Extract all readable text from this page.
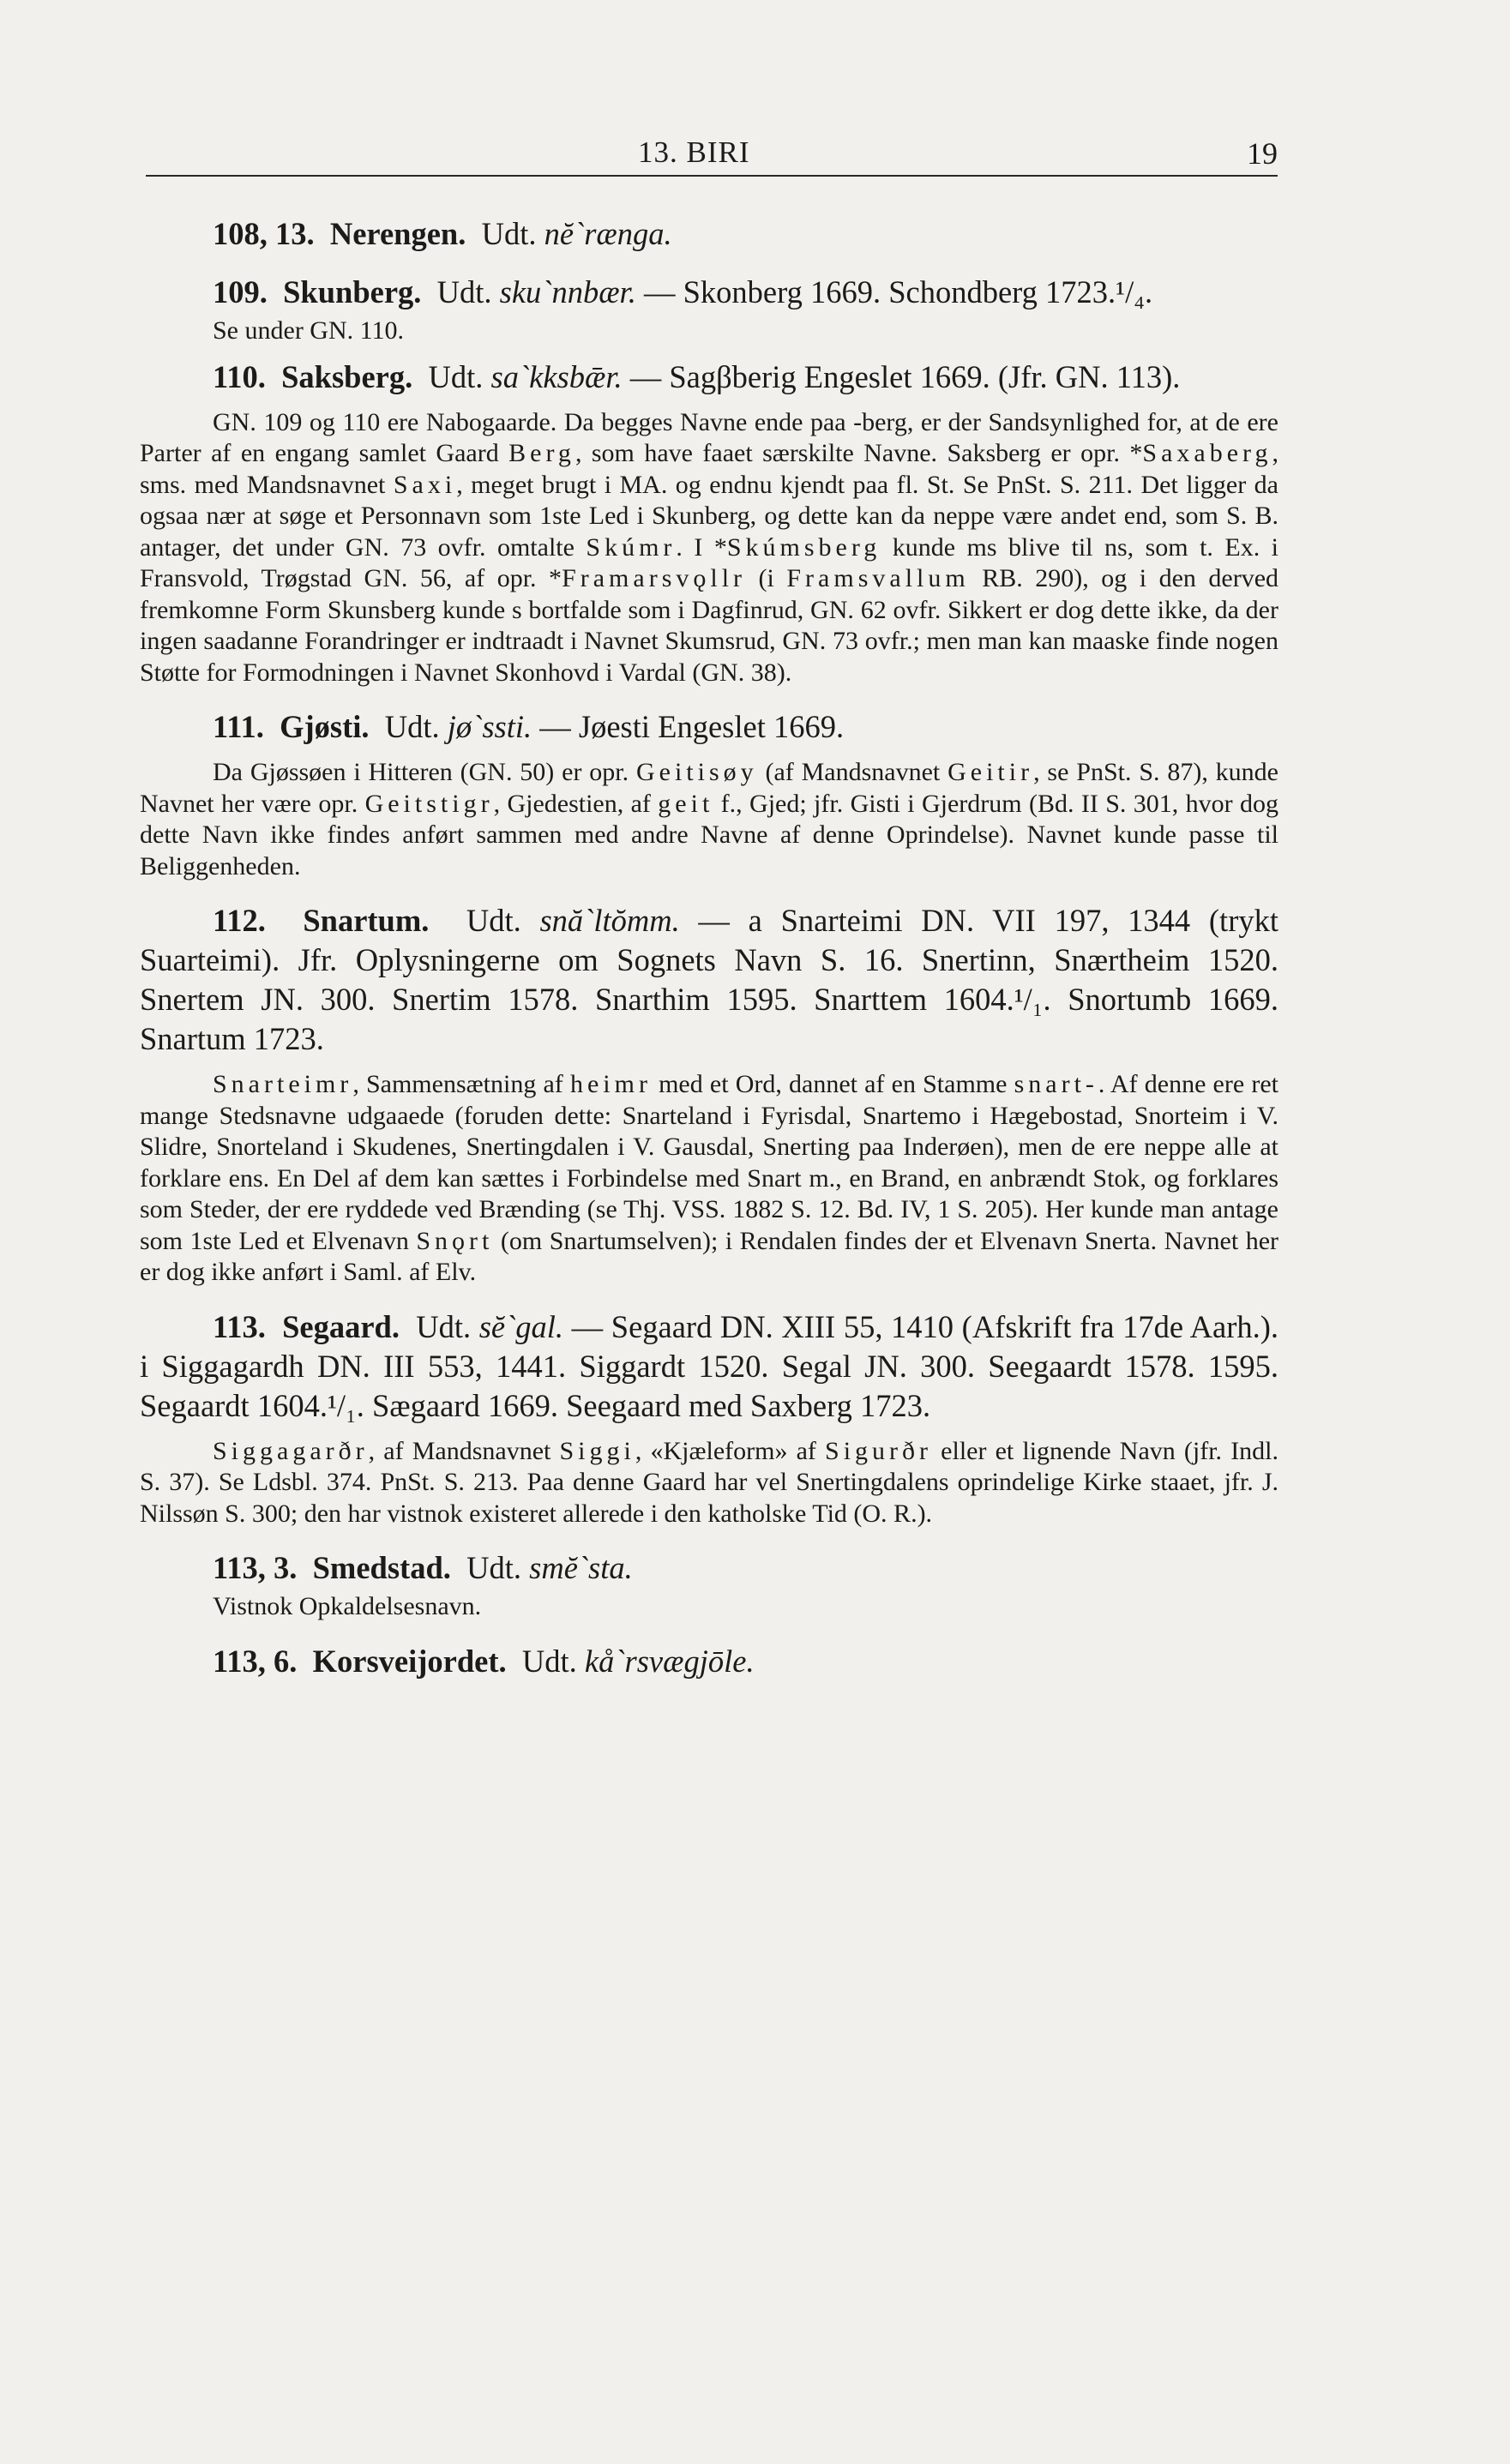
13. BIRI	19

108, 13. Nerengen. Udt. nĕ`rænga.

109. Skunberg. Udt. sku`nnbær. — Skonberg 1669. Schondberg 1723.¹/₄.

Se under GN. 110.

110. Saksberg. Udt. sa`kksbǣr. — Sagβberig Engeslet 1669. (Jfr. GN. 113).

GN. 109 og 110 ere Nabogaarde. Da begges Navne ende paa -berg, er der Sandsynlighed for, at de ere Parter af en engang samlet Gaard Berg, som have faaet særskilte Navne. Saksberg er opr. *Saxaberg, sms. med Mandsnavnet Saxi, meget brugt i MA. og endnu kjendt paa fl. St. Se PnSt. S. 211. Det ligger da ogsaa nær at søge et Personnavn som 1ste Led i Skunberg, og dette kan da neppe være andet end, som S. B. antager, det under GN. 73 ovfr. omtalte Skúmr. I *Skúmsberg kunde ms blive til ns, som t. Ex. i Fransvold, Trøgstad GN. 56, af opr. *Framarsvǫllr (i Framsvallum RB. 290), og i den derved fremkomne Form Skunsberg kunde s bortfalde som i Dagfinrud, GN. 62 ovfr. Sikkert er dog dette ikke, da der ingen saadanne Forandringer er indtraadt i Navnet Skumsrud, GN. 73 ovfr.; men man kan maaske finde nogen Støtte for Formodningen i Navnet Skonhovd i Vardal (GN. 38).

111. Gjøsti. Udt. jø`ssti. — Jøesti Engeslet 1669.

Da Gjøssøen i Hitteren (GN. 50) er opr. Geitisøy (af Mandsnavnet Geitir, se PnSt. S. 87), kunde Navnet her være opr. Geitstigr, Gjedestien, af geit f., Gjed; jfr. Gisti i Gjerdrum (Bd. II S. 301, hvor dog dette Navn ikke findes anført sammen med andre Navne af denne Oprindelse). Navnet kunde passe til Beliggenheden.

112. Snartum. Udt. snă`ltŏmm. — a Snarteimi DN. VII 197, 1344 (trykt Suarteimi). Jfr. Oplysningerne om Sognets Navn S. 16. Snertinn, Snærtheim 1520. Snertem JN. 300. Snertim 1578. Snarthim 1595. Snarttem 1604.¹/₁. Snortumb 1669. Snartum 1723.

Snarteimr, Sammensætning af heimr med et Ord, dannet af en Stamme snart-. Af denne ere ret mange Stedsnavne udgaaede (foruden dette: Snarteland i Fyrisdal, Snartemo i Hægebostad, Snorteim i V. Slidre, Snorteland i Skudenes, Snertingdalen i V. Gausdal, Snerting paa Inderøen), men de ere neppe alle at forklare ens. En Del af dem kan sættes i Forbindelse med Snart m., en Brand, en anbrændt Stok, og forklares som Steder, der ere ryddede ved Brænding (se Thj. VSS. 1882 S. 12. Bd. IV, 1 S. 205). Her kunde man antage som 1ste Led et Elvenavn Snǫrt (om Snartumselven); i Rendalen findes der et Elvenavn Snerta. Navnet her er dog ikke anført i Saml. af Elv.

113. Segaard. Udt. sĕ`gal. — Segaard DN. XIII 55, 1410 (Afskrift fra 17de Aarh.). i Siggagardh DN. III 553, 1441. Siggardt 1520. Segal JN. 300. Seegaardt 1578. 1595. Segaardt 1604.¹/₁. Sægaard 1669. Seegaard med Saxberg 1723.

Siggagarðr, af Mandsnavnet Siggi, «Kjæleform» af Sigurðr eller et lignende Navn (jfr. Indl. S. 37). Se Ldsbl. 374. PnSt. S. 213. Paa denne Gaard har vel Snertingdalens oprindelige Kirke staaet, jfr. J. Nilssøn S. 300; den har vistnok existeret allerede i den katholske Tid (O. R.).

113, 3. Smedstad. Udt. smĕ`sta.

Vistnok Opkaldelsesnavn.

113, 6. Korsveijordet. Udt. kå`rsvægjōle.
